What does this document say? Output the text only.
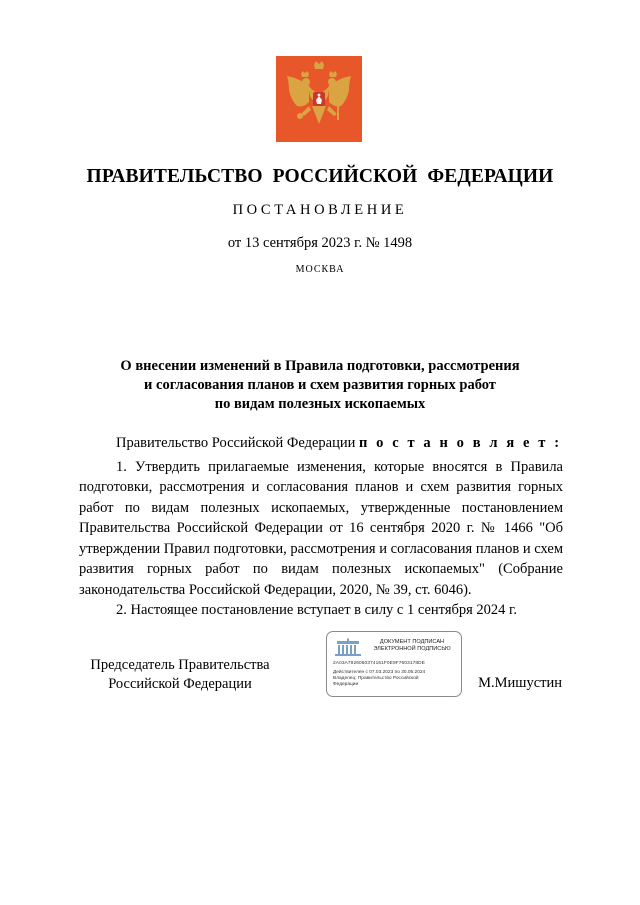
ПРАВИТЕЛЬСТВО РОССИЙСКОЙ ФЕДЕРАЦИИ
ПОСТАНОВЛЕНИЕ
от 13 сентября 2023 г. № 1498
МОСКВА
О внесении изменений в Правила подготовки, рассмотрения
и согласования планов и схем развития горных работ
по видам полезных ископаемых

Правительство Российской Федерации п о с т а н о в л я е т :

1. Утвердить прилагаемые изменения, которые вносятся в Правила подготовки, рассмотрения и согласования планов и схем развития горных работ по видам полезных ископаемых, утвержденные постановлением Правительства Российской Федерации от 16 сентября 2020 г. № 1466 "Об утверждении Правил подготовки, рассмотрения и согласования планов и схем развития горных работ по видам полезных ископаемых" (Собрание законодательства Российской Федерации, 2020, № 39, ст. 6046).

2. Настоящее постановление вступает в силу с 1 сентября 2024 г.

Председатель Правительства
Российской Федерации
ДОКУМЕНТ ПОДПИСАН
ЭЛЕКТРОННОЙ ПОДПИСЬЮ
2A03A7926060374161F0E9F7603178DE
Действителен с 07.03.2023 по 30.05.2024
Владелец: Правительство Российской
Федерации	М.Мишустин
